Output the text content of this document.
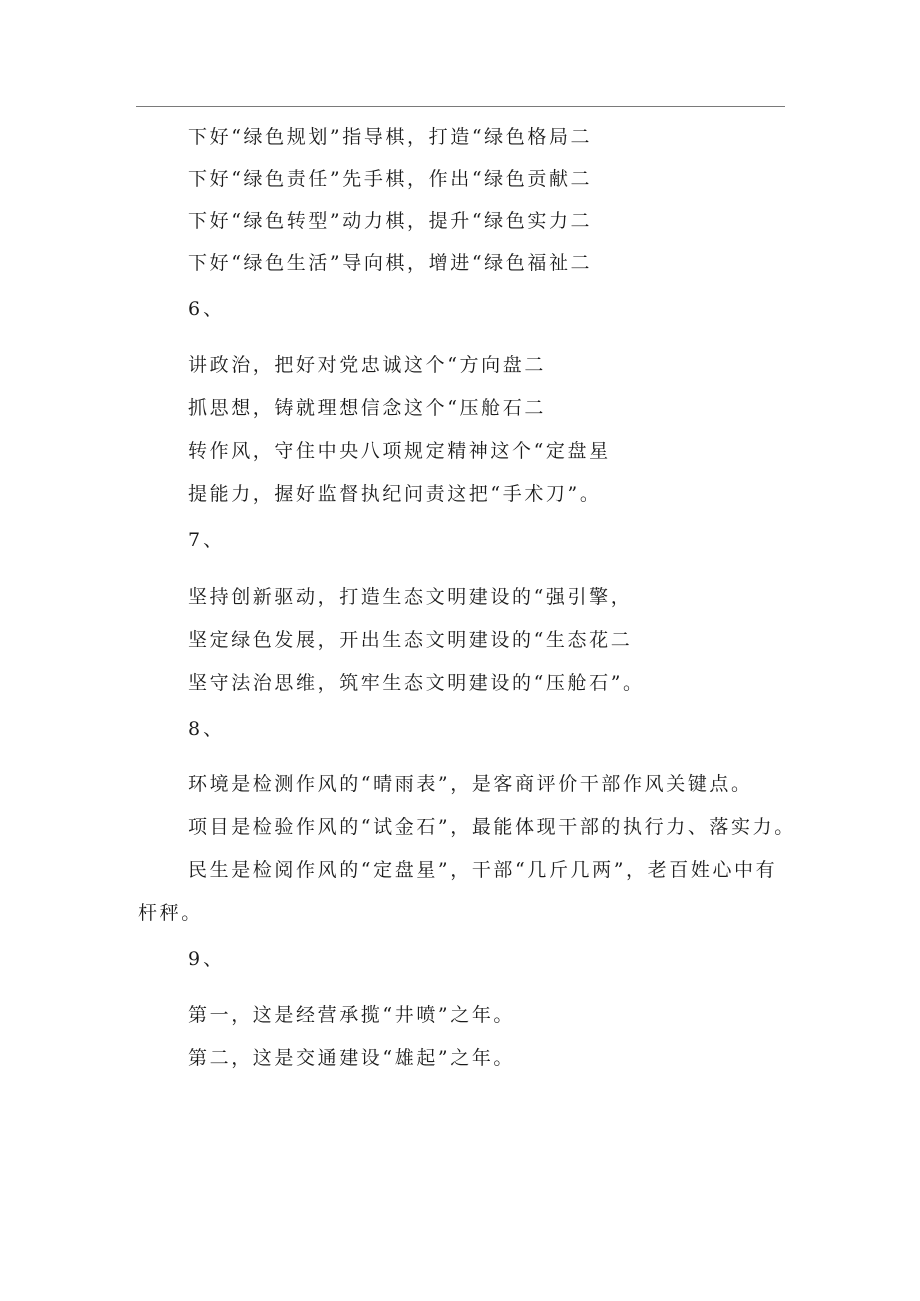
下好“绿色规划”指导棋，打造“绿色格局二
下好“绿色责任”先手棋，作出“绿色贡献二
下好“绿色转型”动力棋，提升“绿色实力二
下好“绿色生活”导向棋，增进“绿色福祉二
6、
讲政治，把好对党忠诚这个“方向盘二
抓思想，铸就理想信念这个“压舱石二
转作风，守住中央八项规定精神这个“定盘星
提能力，握好监督执纪问责这把“手术刀”。
7、
坚持创新驱动，打造生态文明建设的“强引擎，
坚定绿色发展，开出生态文明建设的“生态花二
坚守法治思维，筑牢生态文明建设的“压舱石”。
8、
环境是检测作风的“晴雨表”，是客商评价干部作风关键点。
项目是检验作风的“试金石”，最能体现干部的执行力、落实力。
民生是检阅作风的“定盘星”，干部“几斤几两”，老百姓心中有
杆秤。
9、
第一，这是经营承揽“井喷”之年。
第二，这是交通建设“雄起”之年。
